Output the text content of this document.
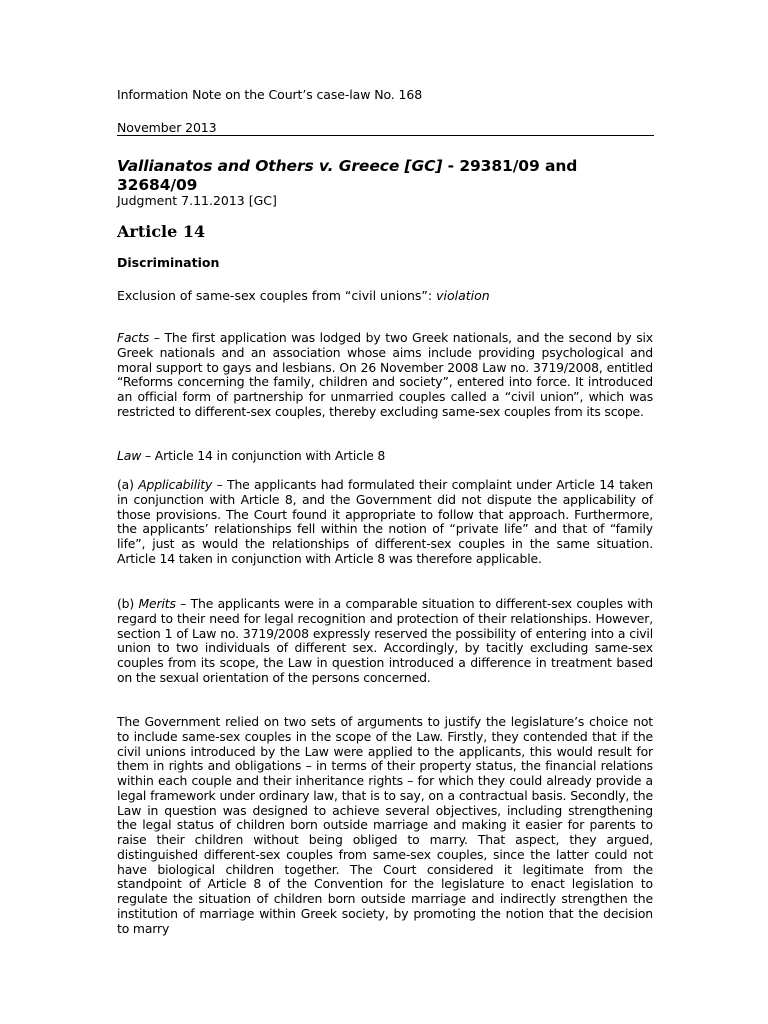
Information Note on the Court’s case-law No. 168
November 2013
Vallianatos and Others v. Greece [GC] - 29381/09 and 32684/09
Judgment 7.11.2013 [GC]
Article 14
Discrimination
Exclusion of same-sex couples from “civil unions”: violation
Facts – The first application was lodged by two Greek nationals, and the second by six Greek nationals and an association whose aims include providing psychological and moral support to gays and lesbians. On 26 November 2008 Law no. 3719/2008, entitled “Reforms concerning the family, children and society”, entered into force. It introduced an official form of partnership for unmarried couples called a “civil union”, which was restricted to different-sex couples, thereby excluding same-sex couples from its scope.
Law – Article 14 in conjunction with Article 8
(a) Applicability – The applicants had formulated their complaint under Article 14 taken in conjunction with Article 8, and the Government did not dispute the applicability of those provisions. The Court found it appropriate to follow that approach. Furthermore, the applicants’ relationships fell within the notion of “private life” and that of “family life”, just as would the relationships of different-sex couples in the same situation. Article 14 taken in conjunction with Article 8 was therefore applicable.
(b) Merits – The applicants were in a comparable situation to different-sex couples with regard to their need for legal recognition and protection of their relationships. However, section 1 of Law no. 3719/2008 expressly reserved the possibility of entering into a civil union to two individuals of different sex. Accordingly, by tacitly excluding same-sex couples from its scope, the Law in question introduced a difference in treatment based on the sexual orientation of the persons concerned.
The Government relied on two sets of arguments to justify the legislature’s choice not to include same-sex couples in the scope of the Law. Firstly, they contended that if the civil unions introduced by the Law were applied to the applicants, this would result for them in rights and obligations – in terms of their property status, the financial relations within each couple and their inheritance rights – for which they could already provide a legal framework under ordinary law, that is to say, on a contractual basis. Secondly, the Law in question was designed to achieve several objectives, including strengthening the legal status of children born outside marriage and making it easier for parents to raise their children without being obliged to marry. That aspect, they argued, distinguished different-sex couples from same-sex couples, since the latter could not have biological children together. The Court considered it legitimate from the standpoint of Article 8 of the Convention for the legislature to enact legislation to regulate the situation of children born outside marriage and indirectly strengthen the institution of marriage within Greek society, by promoting the notion that the decision to marry
